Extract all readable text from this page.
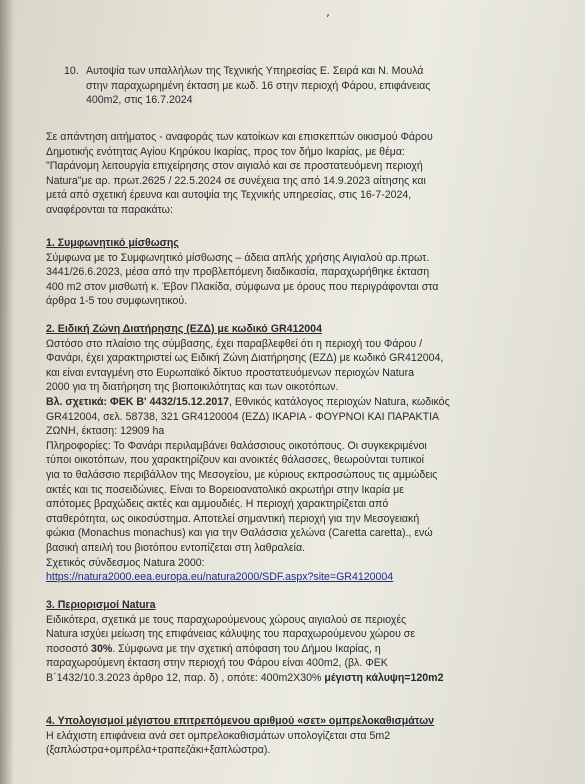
٬
10. Αυτοψία των υπαλλήλων της Τεχνικής Υπηρεσίας Ε. Σειρά και Ν. Μουλά
στην παραχωρημένη έκταση με κωδ. 16 στην περιοχή Φάρου, επιφάνειας
400m2, στις 16.7.2024
Σε απάντηση αιτήματος - αναφοράς των κατοίκων και επισκεπτών οικισμού Φάρου
Δημοτικής ενότητας Αγίου Κηρύκου Ικαρίας, προς τον δήμο Ικαρίας, με θέμα:
"Παράνομη λειτουργία επιχείρησης στον αιγιαλό και σε προστατευόμενη περιοχή
Natura"με αρ. πρωτ.2625 / 22.5.2024 σε συνέχεια της από 14.9.2023 αίτησης και
μετά από σχετική έρευνα και αυτοψία της Τεχνικής υπηρεσίας, στις 16-7-2024,
αναφέρονται τα παρακάτω:
1. Συμφωνητικό μίσθωσης
Σύμφωνα με το Συμφωνητικό μίσθωσης – άδεια απλής χρήσης Αιγιαλού αρ.πρωτ.
3441/26.6.2023, μέσα από την προβλεπόμενη διαδικασία, παραχωρήθηκε έκταση
400 m2 στον μισθωτή κ. Έβον Πλακίδα, σύμφωνα με όρους που περιγράφονται στα
άρθρα 1-5 του συμφωνητικού.
2. Ειδική Ζώνη Διατήρησης (ΕΖΔ) με κωδικό GR412004
Ωστόσο στο πλαίσιο της σύμβασης, έχει παραβλεφθεί ότι η περιοχή του Φάρου /
Φανάρι, έχει χαρακτηριστεί ως Ειδική Ζώνη Διατήρησης (ΕΖΔ) με κωδικό GR412004,
και είναι ενταγμένη στο Ευρωπαϊκό δίκτυο προστατευόμενων περιοχών Natura
2000 για τη διατήρηση της βιοποικιλότητας και των οικοτόπων.
Βλ. σχετικά: ΦΕΚ Β' 4432/15.12.2017, Εθνικός κατάλογος περιοχών Natura, κωδικός
GR412004, σελ. 58738, 321 GR4120004 (ΕΖΔ) ΙΚΑΡΙΑ - ΦΟΥΡΝΟΙ ΚΑΙ ΠΑΡΑΚΤΙΑ
ΖΩΝΗ, έκταση: 12909 ha
Πληροφορίες: Το Φανάρι περιλαμβάνει θαλάσσιους οικοτόπους. Οι συγκεκριμένοι
τύποι οικοτόπων, που χαρακτηρίζουν και ανοικτές θάλασσες, θεωρούνται τυπικοί
για το θαλάσσιο περιβάλλον της Μεσογείου, με κύριους εκπροσώπους τις αμμώδεις
ακτές και τις ποσειδώνιες. Είναι το Βορειοανατολικό ακρωτήρι στην Ικαρία με
απότομες βραχώδεις ακτές και αμμουδιές. Η περιοχή χαρακτηρίζεται από
σταθερότητα, ως οικοσύστημα. Αποτελεί σημαντική περιοχή για την Μεσογειακή
φώκια (Monachus monachus) και για την Θαλάσσια χελώνα (Caretta caretta)., ενώ
βασική απειλή του βιοτόπου εντοπίζεται στη λαθραλεία.
Σχετικός σύνδεσμος Natura 2000:
https://natura2000.eea.europa.eu/natura2000/SDF.aspx?site=GR4120004
3. Περιορισμοί Natura
Ειδικότερα, σχετικά με τους παραχωρούμενους χώρους αιγιαλού σε περιοχές
Natura ισχύει μείωση της επιφάνειας κάλυψης του παραχωρούμενου χώρου σε
ποσοστό 30%. Σύμφωνα με την σχετική απόφαση του Δήμου Ικαρίας, η
παραχωρούμενη έκταση στην περιοχή του Φάρου είναι 400m2, (βλ. ΦΕΚ
Β΄1432/10.3.2023 άρθρο 12, παρ. δ) , οπότε: 400m2Χ30% μέγιστη κάλυψη=120m2
4. Υπολογισμοί μέγιστου επιτρεπόμενου αριθμού «σετ» ομπρελοκαθισμάτων
Η ελάχιστη επιφάνεια ανά σετ ομπρελοκαθισμάτων υπολογίζεται στα 5m2
(ξαπλώστρα+ομπρέλα+τραπεζάκι+ξαπλώστρα).
